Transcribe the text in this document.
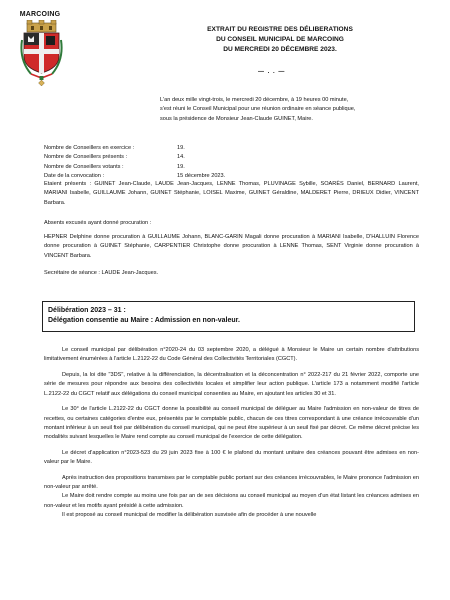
MARCOING
EXTRAIT DU REGISTRE DES DÉLIBERATIONS
DU CONSEIL MUNICIPAL DE MARCOING
DU MERCREDI 20 DÉCEMBRE 2023.
— . . —

L'an deux mille vingt-trois, le mercredi 20 décembre, à 19 heures 00 minute,

s'est réuni le Conseil Municipal pour une réunion ordinaire en séance publique,

sous la présidence de Monsieur Jean-Claude GUINET, Maire.

Nombre de Conseillers en exercice :	19.
Nombre de Conseillers présents :	14.
Nombre de Conseillers votants :	19.
Date de la convocation :	15 décembre 2023.
Etaient présents : GUINET Jean-Claude, LAUDE Jean-Jacques, LENNE Thomas, PLUVINAGE Sybille, SOARÈS Daniel, BERNARD Laurent, MARIANI Isabelle, GUILLAUME Johann, GUINET Stéphanie, LOISEL Maxime, GUINET Géraldine, MALDERET Pierre, DRIEUX Didier, VINCENT Barbara.
Absents excusés ayant donné procuration :
HEPNER Delphine donne procuration à GUILLAUME Johann, BLANC-GARIN Magali donne procuration à MARIANI Isabelle, D'HALLUIN Florence donne procuration à GUINET Stéphanie, CARPENTIER Christophe donne procuration à LENNE Thomas, SENT Virginie donne procuration à VINCENT Barbara.
Secrétaire de séance : LAUDE Jean-Jacques.
Délibération 2023 – 31 :
Délégation consentie au Maire : Admission en non-valeur.

Le conseil municipal par délibération n°2020-24 du 03 septembre 2020, a délégué à Monsieur le Maire un certain nombre d'attributions limitativement énumérées à l'article L.2122-22 du Code Général des Collectivités Territoriales (CGCT).

Depuis, la loi dite "3DS", relative à la différenciation, la décentralisation et la déconcentration n° 2022-217 du 21 février 2022, comporte une série de mesures pour répondre aux besoins des collectivités locales et simplifier leur action publique. L'article 173 a notamment modifié l'article L.2122-22 du CGCT relatif aux délégations du conseil municipal consenties au Maire, en ajoutant les articles 30 et 31.

Le 30° de l'article L.2122-22 du CGCT donne la possibilité au conseil municipal de déléguer au Maire l'admission en non-valeur de titres de recettes, ou certaines catégories d'entre eux, présentés par le comptable public, chacun de ces titres correspondant à une créance irrécouvrable d'un montant inférieur à un seuil fixé par délibération du conseil municipal, qui ne peut être supérieur à un seuil fixé par décret. Ce même décret précise les modalités suivant lesquelles le Maire rend compte au conseil municipal de l'exercice de cette délégation.

Le décret d'application n°2023-523 du 29 juin 2023 fixe à 100 € le plafond du montant unitaire des créances pouvant être admises en non-valeur par le Maire.

Après instruction des propositions transmises par le comptable public portant sur des créances irrécouvrables, le Maire prononce l'admission en non-valeur par arrêté.

Le Maire doit rendre compte au moins une fois par an de ses décisions au conseil municipal au moyen d'un état listant les créances admises en non-valeur et les motifs ayant présidé à cette admission.

Il est proposé au conseil municipal de modifier la délibération susvisée afin de procéder à une nouvelle
